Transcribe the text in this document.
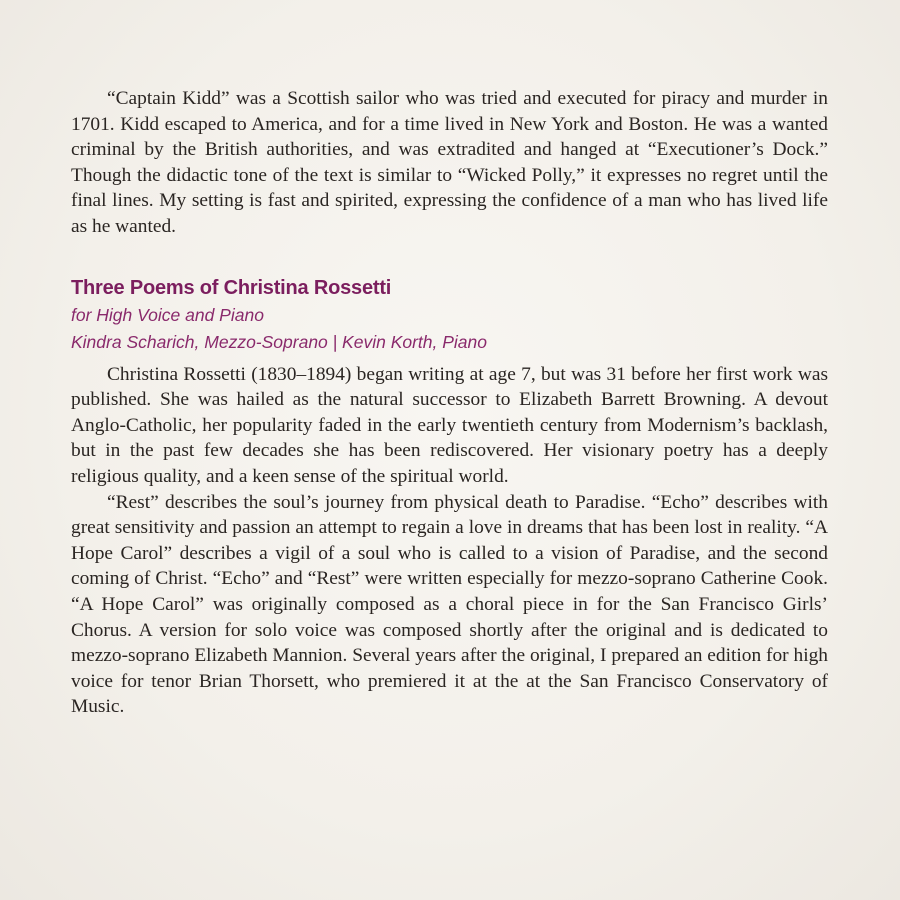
“Captain Kidd” was a Scottish sailor who was tried and executed for piracy and murder in 1701. Kidd escaped to America, and for a time lived in New York and Boston. He was a wanted criminal by the British authorities, and was extradited and hanged at “Executioner’s Dock.” Though the didactic tone of the text is similar to “Wicked Polly,” it expresses no regret until the final lines. My setting is fast and spirited, expressing the confidence of a man who has lived life as he wanted.

Three Poems of Christina Rossetti

for High Voice and Piano

Kindra Scharich, Mezzo-Soprano | Kevin Korth, Piano

Christina Rossetti (1830–1894) began writing at age 7, but was 31 before her first work was published. She was hailed as the natural successor to Elizabeth Barrett Browning. A devout Anglo-Catholic, her popularity faded in the early twentieth century from Modernism’s backlash, but in the past few decades she has been rediscovered. Her visionary poetry has a deeply religious quality, and a keen sense of the spiritual world.

“Rest” describes the soul’s journey from physical death to Paradise. “Echo” describes with great sensitivity and passion an attempt to regain a love in dreams that has been lost in reality. “A Hope Carol” describes a vigil of a soul who is called to a vision of Paradise, and the second coming of Christ. “Echo” and “Rest” were written especially for mezzo-soprano Catherine Cook. “A Hope Carol” was originally composed as a choral piece in for the San Francisco Girls’ Chorus. A version for solo voice was composed shortly after the original and is dedicated to mezzo-soprano Elizabeth Mannion. Several years after the original, I prepared an edition for high voice for tenor Brian Thorsett, who premiered it at the at the San Francisco Conservatory of Music.
